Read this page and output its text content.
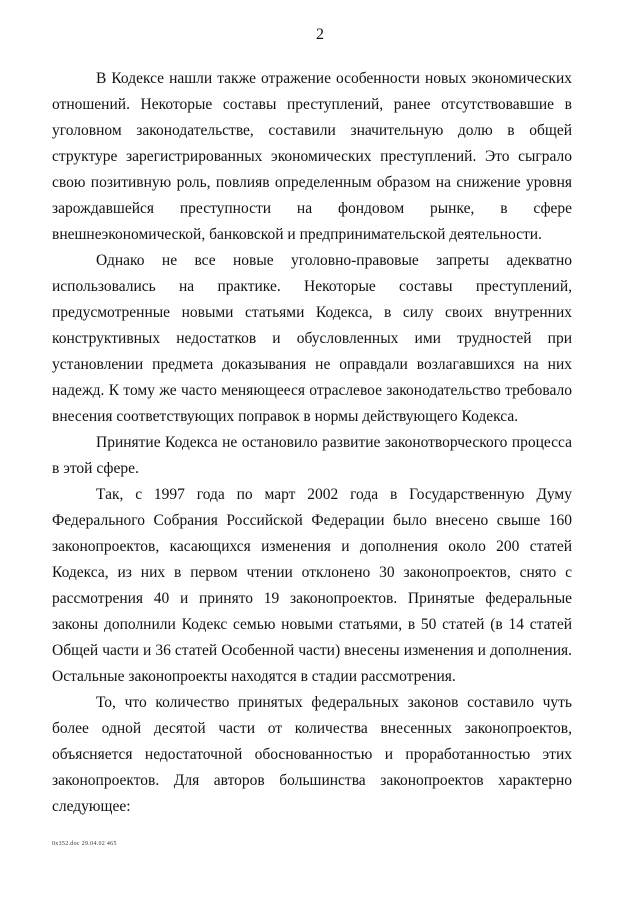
2

В Кодексе нашли также отражение особенности новых экономических отношений. Некоторые составы преступлений, ранее отсутствовавшие в уголовном законодательстве, составили значительную долю в общей структуре зарегистрированных экономических преступлений. Это сыграло свою позитивную роль, повлияв определенным образом на снижение уровня зарождавшейся преступности на фондовом рынке, в сфере внешнеэкономической, банковской и предпринимательской деятельности.

Однако не все новые уголовно-правовые запреты адекватно использовались на практике. Некоторые составы преступлений, предусмотренные новыми статьями Кодекса, в силу своих внутренних конструктивных недостатков и обусловленных ими трудностей при установлении предмета доказывания не оправдали возлагавшихся на них надежд. К тому же часто меняющееся отраслевое законодательство требовало внесения соответствующих поправок в нормы действующего Кодекса.

Принятие Кодекса не остановило развитие законотворческого процесса в этой сфере.

Так, с 1997 года по март 2002 года в Государственную Думу Федерального Собрания Российской Федерации было внесено свыше 160 законопроектов, касающихся изменения и дополнения около 200 статей Кодекса, из них в первом чтении отклонено 30 законопроектов, снято с рассмотрения 40 и принято 19 законопроектов. Принятые федеральные законы дополнили Кодекс семью новыми статьями, в 50 статей (в 14 статей Общей части и 36 статей Особенной части) внесены изменения и дополнения. Остальные законопроекты находятся в стадии рассмотрения.

То, что количество принятых федеральных законов составило чуть более одной десятой части от количества внесенных законопроектов, объясняется недостаточной обоснованностью и проработанностью этих законопроектов. Для авторов большинства законопроектов характерно следующее:

0x352.doc 29.04.02 465
